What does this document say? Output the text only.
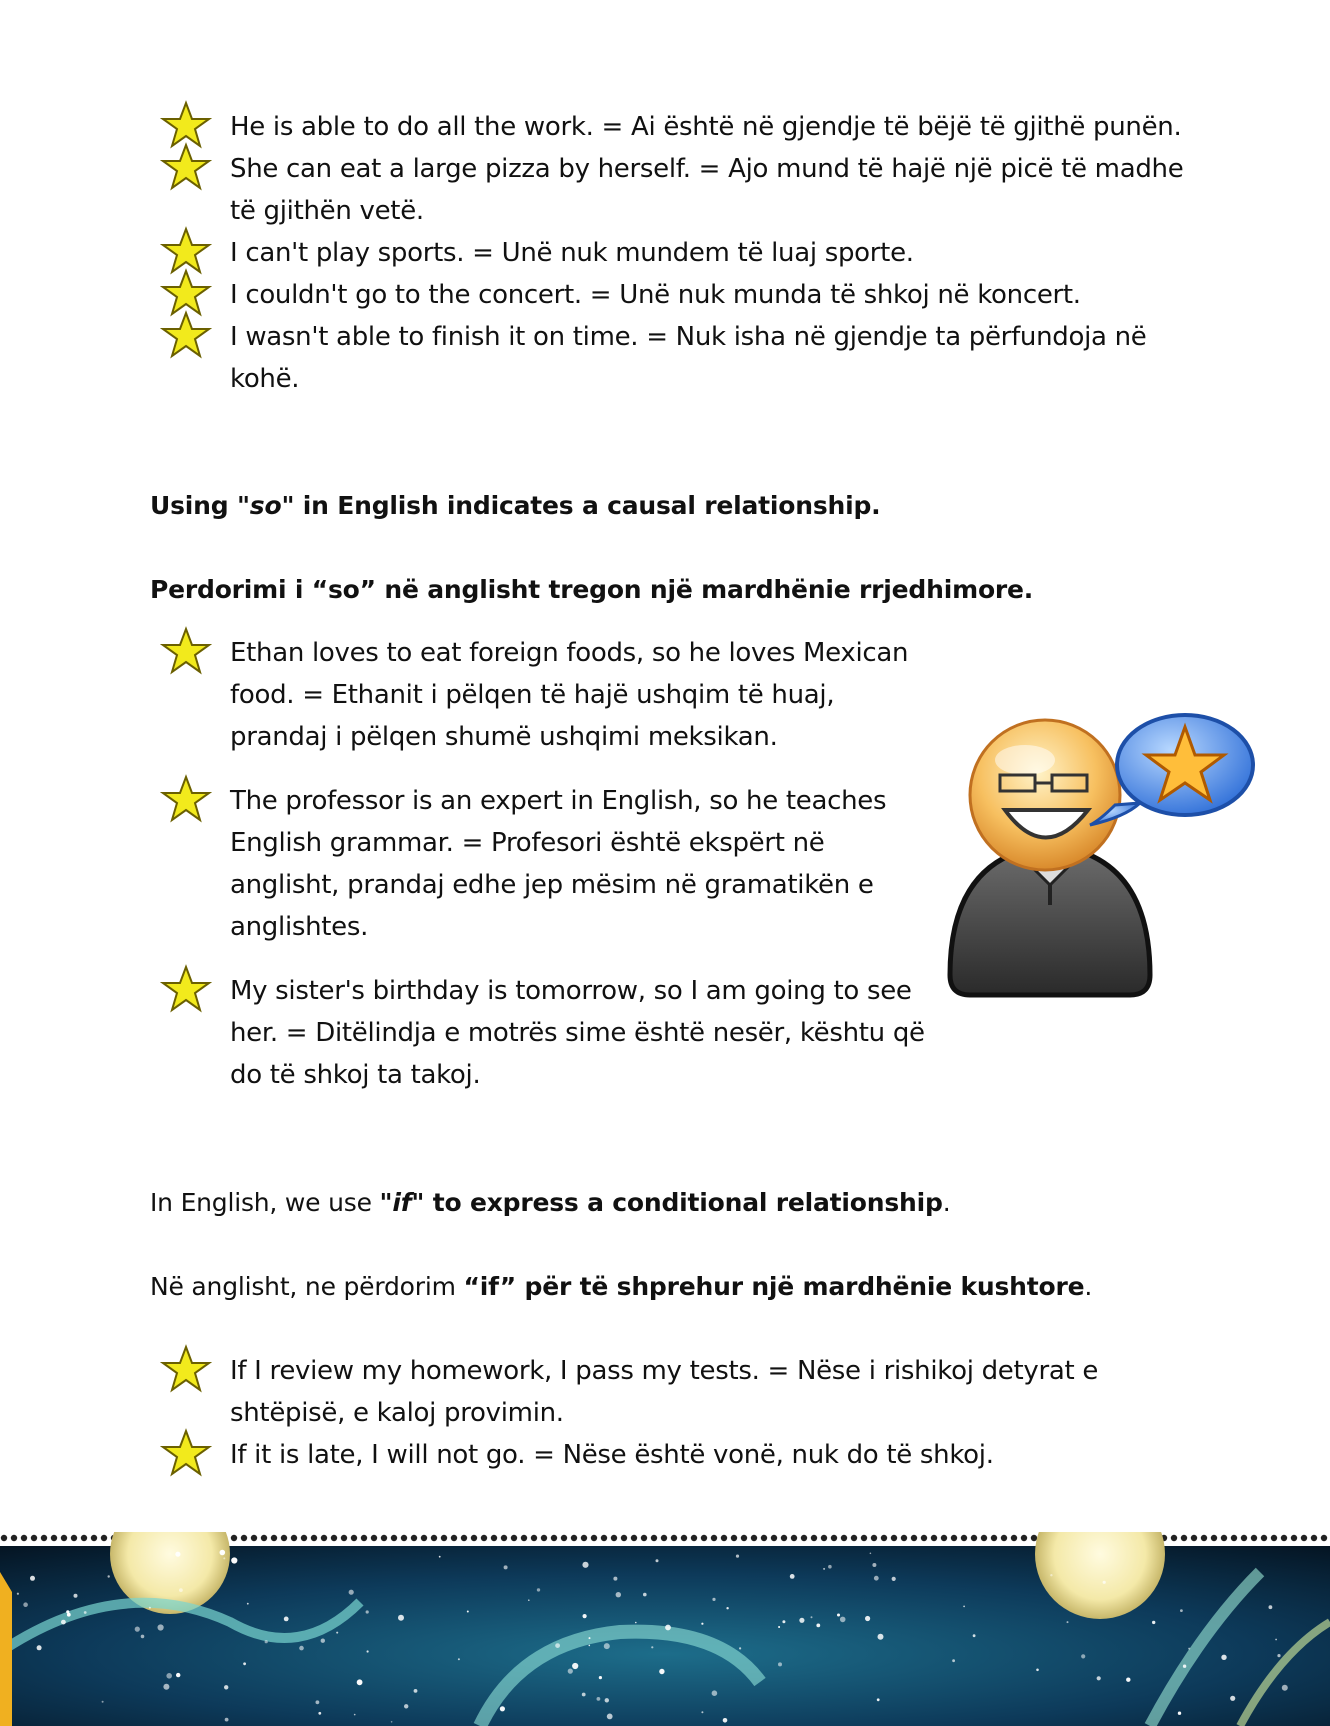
He is able to do all the work. = Ai është në gjendje të bëjë të gjithë punën.
She can eat a large pizza by herself. = Ajo mund të hajë një picë të madhe
të gjithën vetë.
I can't play sports. = Unë nuk mundem të luaj sporte.
I couldn't go to the concert. = Unë nuk munda të shkoj në koncert.
I wasn't able to finish it on time. = Nuk isha në gjendje ta përfundoja në
kohë.

Using "so" in English indicates a causal relationship.

Perdorimi i “so” në anglisht tregon një mardhënie rrjedhimore.

Ethan loves to eat foreign foods, so he loves Mexican
food. = Ethanit i pëlqen të hajë ushqim të huaj,
prandaj i pëlqen shumë ushqimi meksikan.
The professor is an expert in English, so he teaches
English grammar. = Profesori është ekspërt në
anglisht, prandaj edhe jep mësim në gramatikën e
anglishtes.
My sister's birthday is tomorrow, so I am going to see
her. = Ditëlindja e motrës sime është nesër, kështu që
do të shkoj ta takoj.

In English, we use "if" to express a conditional relationship.

Në anglisht, ne përdorim “if” për të shprehur një mardhënie kushtore.

If I review my homework, I pass my tests. = Nëse i rishikoj detyrat e
shtëpisë, e kaloj provimin.
If it is late, I will not go. = Nëse është vonë, nuk do të shkoj.
